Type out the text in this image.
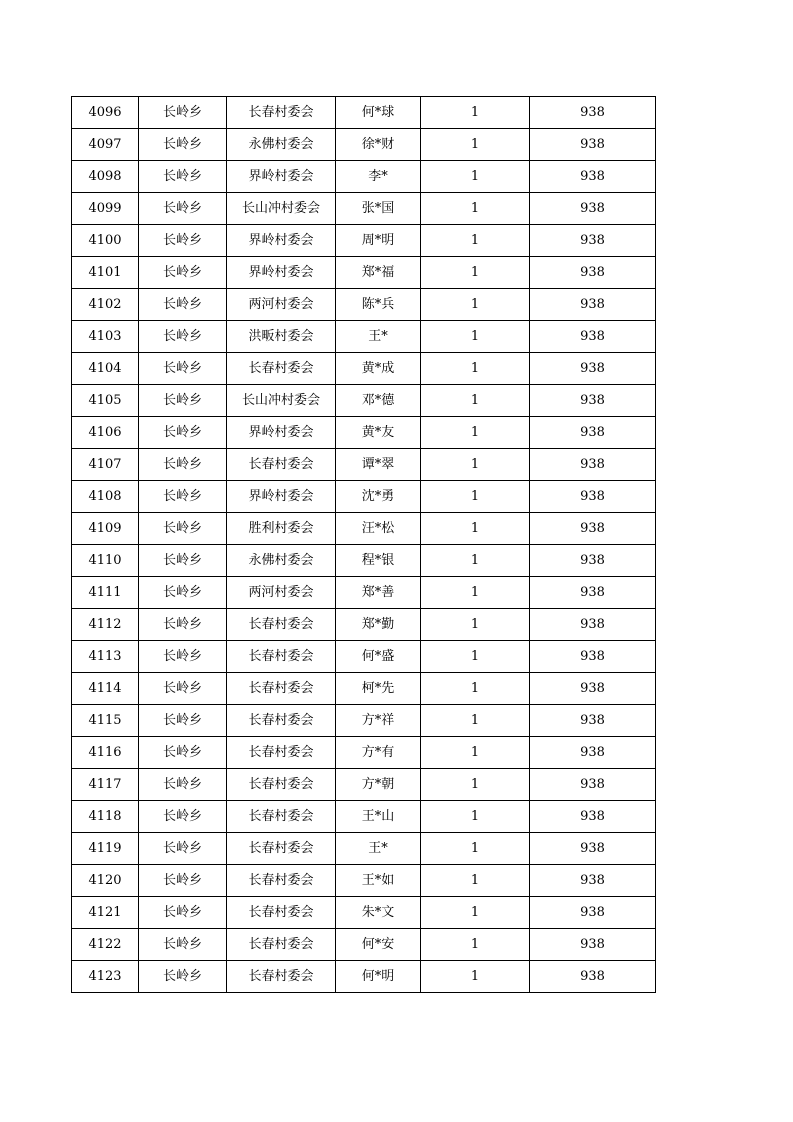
4096	长岭乡	长春村委会	何*球	1	938
4097	长岭乡	永佛村委会	徐*财	1	938
4098	长岭乡	界岭村委会	李*	1	938
4099	长岭乡	长山冲村委会	张*国	1	938
4100	长岭乡	界岭村委会	周*明	1	938
4101	长岭乡	界岭村委会	郑*福	1	938
4102	长岭乡	两河村委会	陈*兵	1	938
4103	长岭乡	洪畈村委会	王*	1	938
4104	长岭乡	长春村委会	黄*成	1	938
4105	长岭乡	长山冲村委会	邓*德	1	938
4106	长岭乡	界岭村委会	黄*友	1	938
4107	长岭乡	长春村委会	谭*翠	1	938
4108	长岭乡	界岭村委会	沈*勇	1	938
4109	长岭乡	胜利村委会	汪*松	1	938
4110	长岭乡	永佛村委会	程*银	1	938
4111	长岭乡	两河村委会	郑*善	1	938
4112	长岭乡	长春村委会	郑*勤	1	938
4113	长岭乡	长春村委会	何*盛	1	938
4114	长岭乡	长春村委会	柯*先	1	938
4115	长岭乡	长春村委会	方*祥	1	938
4116	长岭乡	长春村委会	方*有	1	938
4117	长岭乡	长春村委会	方*朝	1	938
4118	长岭乡	长春村委会	王*山	1	938
4119	长岭乡	长春村委会	王*	1	938
4120	长岭乡	长春村委会	王*如	1	938
4121	长岭乡	长春村委会	朱*文	1	938
4122	长岭乡	长春村委会	何*安	1	938
4123	长岭乡	长春村委会	何*明	1	938
